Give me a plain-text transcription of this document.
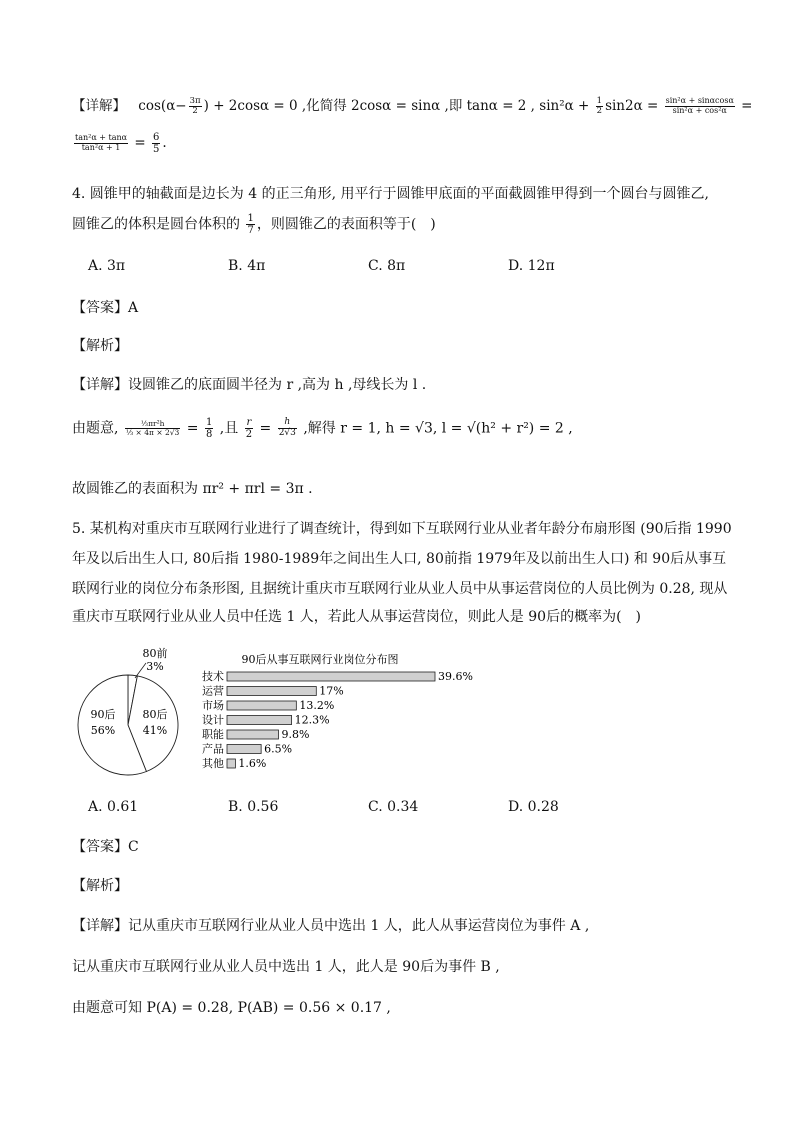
【详解】 $\cos(\alpha- \frac{3\pi}{2}$ ) + 2cosα = 0 ,化简得 2cosα = sinα ,即 tanα = 2 , $\sin^2\alpha + \frac{1}{2} \sin 2\alpha = \frac{\text{sin²α + sinαcosα}}{\text{sin²α + cos²α}}$ =
$\frac{\text{tan²α + tanα}}{\text{tan²α + 1}} = \frac{6}{5}$ .
4. 圆锥甲的轴截面是边长为 4 的正三角形, 用平行于圆锥甲底面的平面截圆锥甲得到一个圆台与圆锥乙,
圆锥乙的体积是圆台体积的 $\frac{1}{7}$ ，则圆锥乙的表面积等于(　)
A. 3π	B. 4π	C. 8π	D. 12π
【答案】A
【解析】
【详解】设圆锥乙的底面圆半径为 r ,高为 h ,母线长为 l .
由题意, $\frac{\text{⅓πr²h}}{\text{⅓ × 4π × 2√3}} = \frac{1}{8}$ ,且 $\frac{r}{2} = \frac{h}{2√3}$ ,解得 r = 1, h = √3, l = √(h² + r²) = 2 ,
故圆锥乙的表面积为 πr² + πrl = 3π .
5. 某机构对重庆市互联网行业进行了调查统计，得到如下互联网行业从业者年龄分布扇形图 (90后指 1990
年及以后出生人口, 80后指 1980-1989年之间出生人口, 80前指 1979年及以前出生人口) 和 90后从事互
联网行业的岗位分布条形图, 且据统计重庆市互联网行业从业人员中从事运营岗位的人员比例为 0.28, 现从
重庆市互联网行业从业人员中任选 1 人，若此人从事运营岗位，则此人是 90后的概率为(　)
80前
3%
80后
41%
90后
56%
90后从事互联网行业岗位分布图
技术	39.6%
运营	17%
市场	13.2%
设计	12.3%
职能	9.8%
产品	6.5%
其他 1.6%
A. 0.61	B. 0.56	C. 0.34	D. 0.28
【答案】C
【解析】
【详解】记从重庆市互联网行业从业人员中选出 1 人，此人从事运营岗位为事件 A ,
记从重庆市互联网行业从业人员中选出 1 人，此人是 90后为事件 B ,
由题意可知 P(A) = 0.28, P(AB) = 0.56 × 0.17 ,
